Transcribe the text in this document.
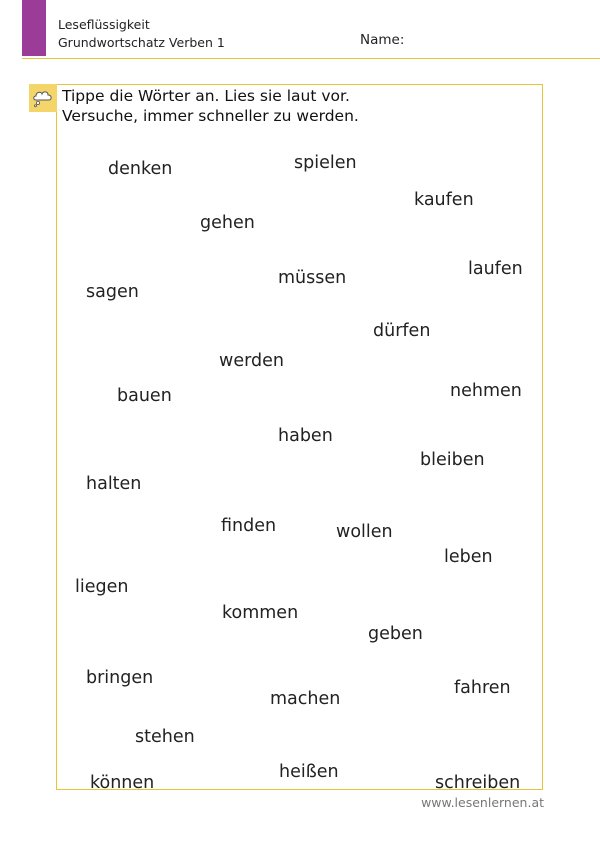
Leseflüssigkeit
Grundwortschatz Verben 1	Name:
Tippe die Wörter an. Lies sie laut vor.
Versuche, immer schneller zu werden.
denken	spielen
kaufen
gehen
laufen
sagen
müssen
dürfen
werden
bauen	nehmen
haben
bleiben
halten
finden	wollen
leben
liegen
kommen
geben
bringen	fahren
machen
stehen
heißen
können	schreiben
www.lesenlernen.at
